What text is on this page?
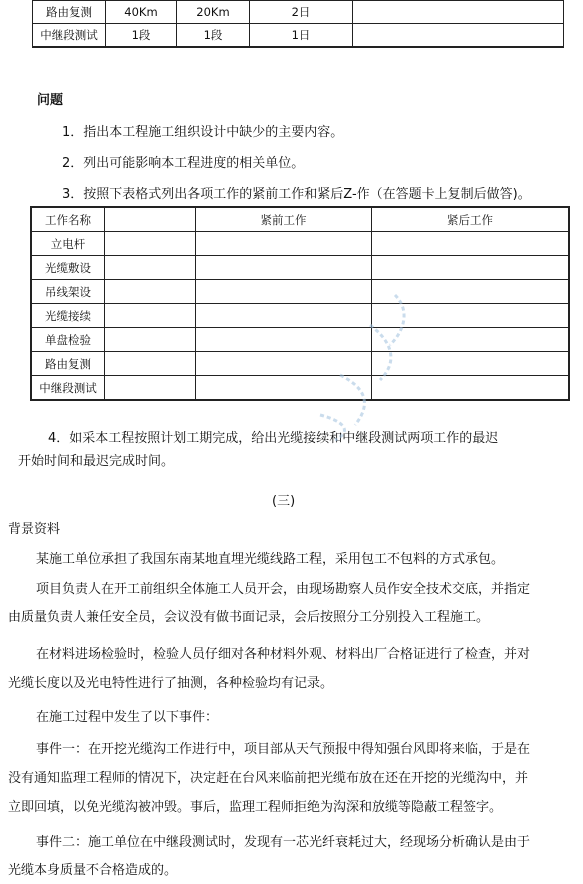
路由复测	40Km	20Km	2日	
中继段测试	1段	1段	1日	
问题
1．指出本工程施工组织设计中缺少的主要内容。
2．列出可能影响本工程进度的相关单位。
3．按照下表格式列出各项工作的紧前工作和紧后Z-作（在答题卡上复制后做答)。
工作名称		紧前工作	紧后工作
立电杆			
光缆敷设			
吊线架设			
光缆接续			
单盘检验			
路由复测			
中继段测试			
4．如采本工程按照计划工期完成，给出光缆接续和中继段测试两项工作的最迟
开始时间和最迟完成时间。
(三)
背景资料
某施工单位承担了我国东南某地直埋光缆线路工程，采用包工不包料的方式承包。
项目负责人在开工前组织全体施工人员开会，由现场勘察人员作安全技术交底，并指定
由质量负责人兼任安全员，会议没有做书面记录，会后按照分工分别投入工程施工。
在材料进场检验时，检验人员仔细对各种材料外观、材料出厂合格证进行了检查，并对
光缆长度以及光电特性进行了抽测，各种检验均有记录。
在施工过程中发生了以下事件：
事件一：在开挖光缆沟工作进行中，项目部从天气预报中得知强台风即将来临，于是在
没有通知监理工程师的情况下，决定赶在台风来临前把光缆布放在还在开挖的光缆沟中，并
立即回填，以免光缆沟被冲毁。事后，监理工程师拒绝为沟深和放缆等隐蔽工程签字。
事件二：施工单位在中继段测试时，发现有一芯光纤衰耗过大，经现场分析确认是由于
光缆本身质量不合格造成的。
